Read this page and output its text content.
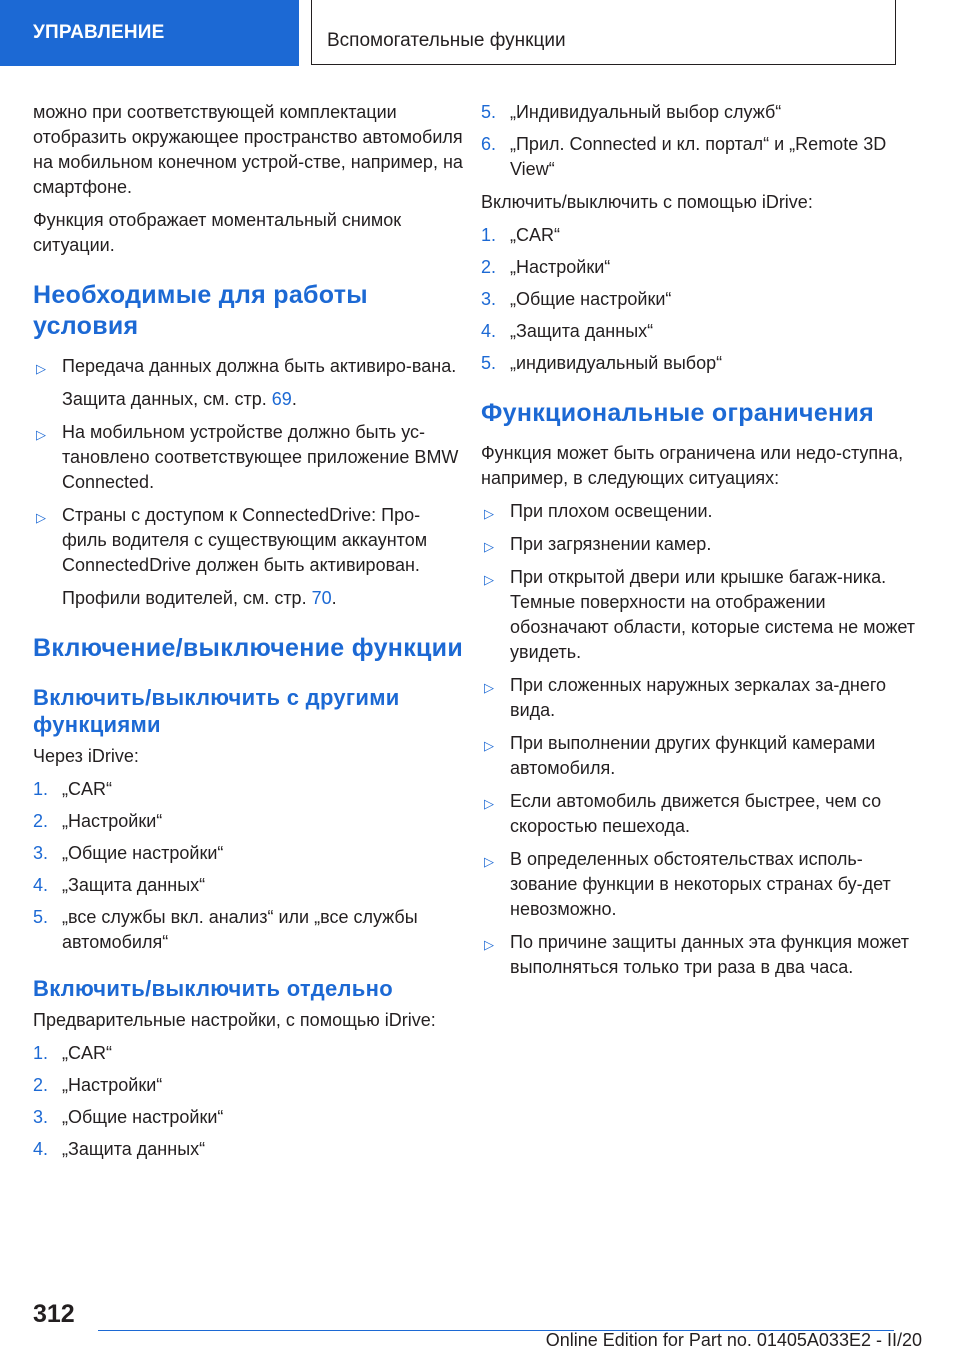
УПРАВЛЕНИЕ	Вспомогательные функции

можно при соответствующей комплектации отобразить окружающее пространство автомобиля на мобильном конечном устрой-стве, например, на смартфоне.

Функция отображает моментальный снимок ситуации.

Необходимые для работы условия
▷ Передача данных должна быть активиро-вана.
Защита данных, см. стр. 69.
▷ На мобильном устройстве должно быть ус-тановлено соответствующее приложение BMW Connected.
▷ Страны с доступом к ConnectedDrive: Про-филь водителя с существующим аккаунтом ConnectedDrive должен быть активирован.
Профили водителей, см. стр. 70.
Включение/выключение функции
Включить/выключить с другими функциями

Через iDrive:

1. „CAR“
2. „Настройки“
3. „Общие настройки“
4. „Защита данных“
5. „все службы вкл. анализ“ или „все службы автомобиля“
Включить/выключить отдельно

Предварительные настройки, с помощью iDrive:

1. „CAR“
2. „Настройки“
3. „Общие настройки“
4. „Защита данных“
5. „Индивидуальный выбор служб“
6. „Прил. Connected и кл. портал“ и „Remote 3D View“

Включить/выключить с помощью iDrive:

1. „CAR“
2. „Настройки“
3. „Общие настройки“
4. „Защита данных“
5. „индивидуальный выбор“
Функциональные ограничения

Функция может быть ограничена или недо-ступна, например, в следующих ситуациях:

▷ При плохом освещении.
▷ При загрязнении камер.
▷ При открытой двери или крышке багаж-ника. Темные поверхности на отображении обозначают области, которые система не может увидеть.
▷ При сложенных наружных зеркалах за-днего вида.
▷ При выполнении других функций камерами автомобиля.
▷ Если автомобиль движется быстрее, чем со скоростью пешехода.
▷ В определенных обстоятельствах исполь-зование функции в некоторых странах бу-дет невозможно.
▷ По причине защиты данных эта функция может выполняться только три раза в два часа.
312
Online Edition for Part no. 01405A033E2 - II/20
